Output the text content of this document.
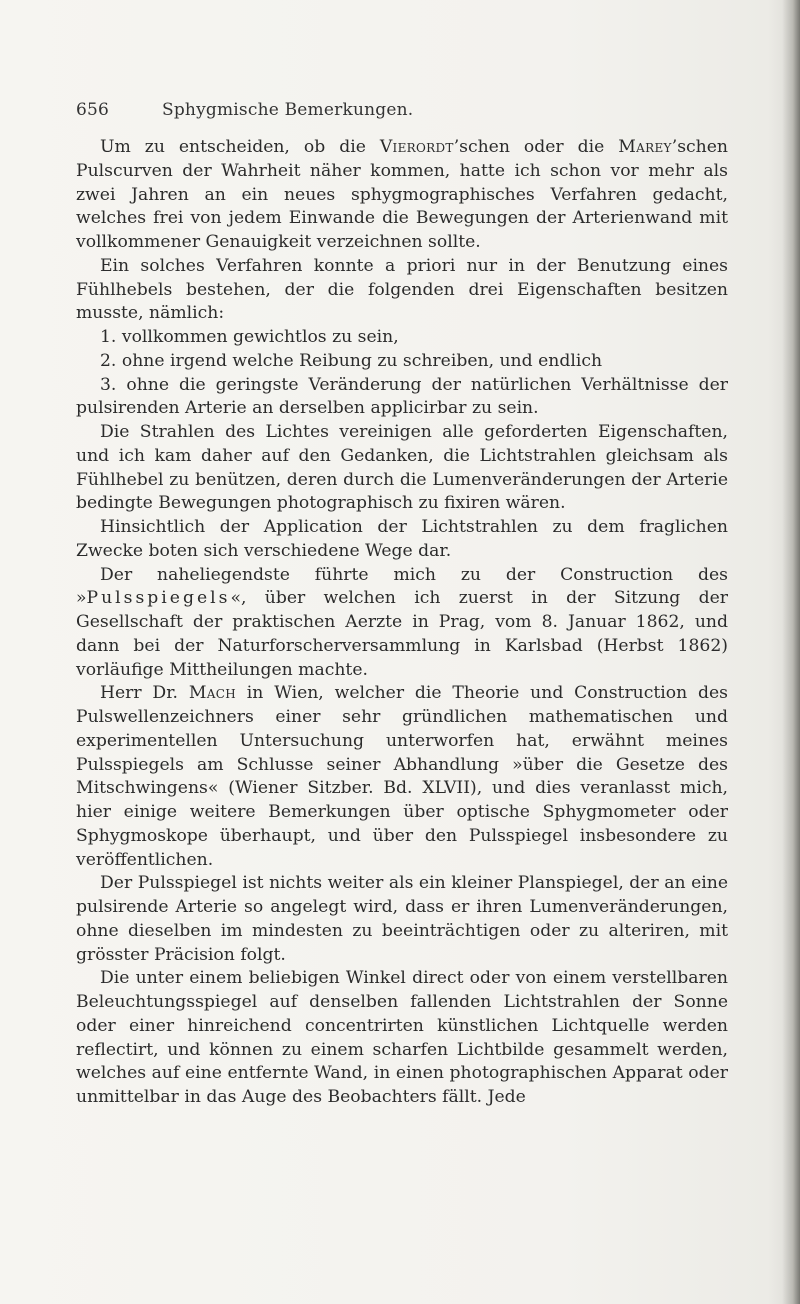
656	Sphygmische Bemerkungen.

Um zu entscheiden, ob die Vierordt’schen oder die Marey’schen Pulscurven der Wahrheit näher kommen, hatte ich schon vor mehr als zwei Jahren an ein neues sphygmographisches Verfahren gedacht, welches frei von jedem Einwande die Bewegungen der Arterienwand mit vollkommener Genauigkeit verzeichnen sollte.

Ein solches Verfahren konnte a priori nur in der Benutzung eines Fühlhebels bestehen, der die folgenden drei Eigenschaften besitzen musste, nämlich:

1. vollkommen gewichtlos zu sein,

2. ohne irgend welche Reibung zu schreiben, und endlich

3. ohne die geringste Veränderung der natürlichen Verhältnisse der pulsirenden Arterie an derselben applicirbar zu sein.

Die Strahlen des Lichtes vereinigen alle geforderten Eigenschaften, und ich kam daher auf den Gedanken, die Lichtstrahlen gleichsam als Fühlhebel zu benützen, deren durch die Lumenveränderungen der Arterie bedingte Bewegungen photographisch zu fixiren wären.

Hinsichtlich der Application der Lichtstrahlen zu dem fraglichen Zwecke boten sich verschiedene Wege dar.

Der naheliegendste führte mich zu der Construction des »Pulsspiegels«, über welchen ich zuerst in der Sitzung der Gesellschaft der praktischen Aerzte in Prag, vom 8. Januar 1862, und dann bei der Naturforscherversammlung in Karlsbad (Herbst 1862) vorläufige Mittheilungen machte.

Herr Dr. Mach in Wien, welcher die Theorie und Construction des Pulswellenzeichners einer sehr gründlichen mathematischen und experimentellen Untersuchung unterworfen hat, erwähnt meines Pulsspiegels am Schlusse seiner Abhandlung »über die Gesetze des Mitschwingens« (Wiener Sitzber. Bd. XLVII), und dies veranlasst mich, hier einige weitere Bemerkungen über optische Sphygmometer oder Sphygmoskope überhaupt, und über den Pulsspiegel insbesondere zu veröffentlichen.

Der Pulsspiegel ist nichts weiter als ein kleiner Planspiegel, der an eine pulsirende Arterie so angelegt wird, dass er ihren Lumenveränderungen, ohne dieselben im mindesten zu beeinträchtigen oder zu alteriren, mit grösster Präcision folgt.

Die unter einem beliebigen Winkel direct oder von einem verstellbaren Beleuchtungsspiegel auf denselben fallenden Lichtstrahlen der Sonne oder einer hinreichend concentrirten künstlichen Lichtquelle werden reflectirt, und können zu einem scharfen Lichtbilde gesammelt werden, welches auf eine entfernte Wand, in einen photographischen Apparat oder unmittelbar in das Auge des Beobachters fällt. Jede
